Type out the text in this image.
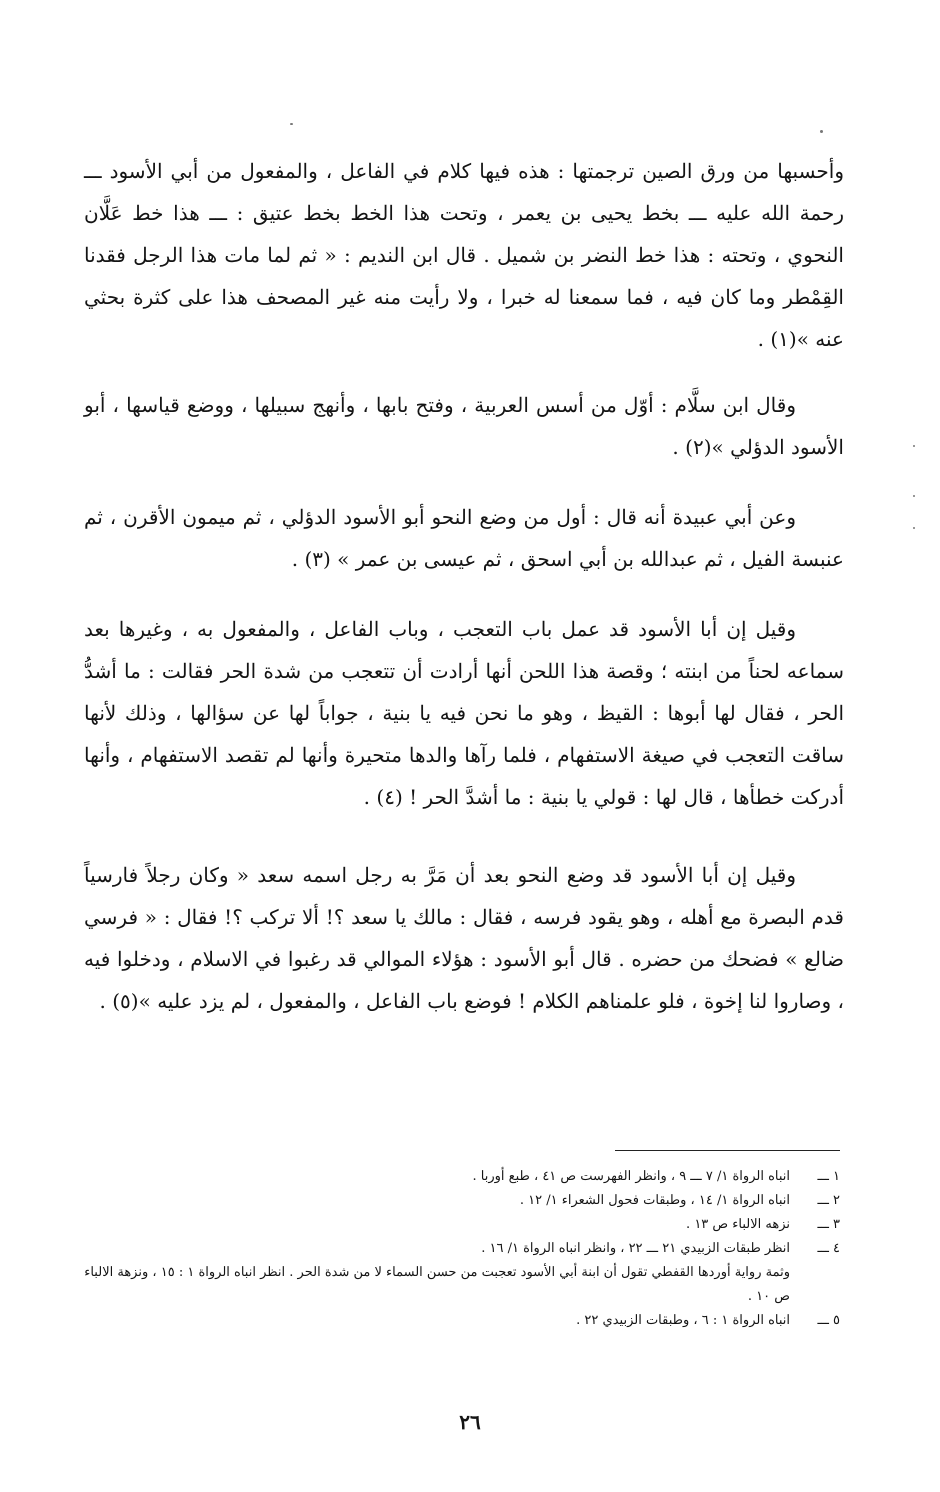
وأحسبها من ورق الصين ترجمتها : هذه فيها كلام في الفاعل ، والمفعول من أبي الأسود ـــ رحمة الله عليه ـــ بخط يحيى بن يعمر ، وتحت هذا الخط بخط عتيق : ـــ هذا خط عَلَّان النحوي ، وتحته : هذا خط النضر بن شميل . قال ابن النديم : « ثم لما مات هذا الرجل فقدنا القِمْطر وما كان فيه ، فما سمعنا له خبرا ، ولا رأيت منه غير المصحف هذا على كثرة بحثي عنه »(١) .

وقال ابن سلَّام : أوّل من أسس العربية ، وفتح بابها ، وأنهج سبيلها ، ووضع قياسها ، أبو الأسود الدؤلي »(٢) .

وعن أبي عبيدة أنه قال : أول من وضع النحو أبو الأسود الدؤلي ، ثم ميمون الأقرن ، ثم عنبسة الفيل ، ثم عبدالله بن أبي اسحق ، ثم عيسى بن عمر » (٣) .

وقيل إن أبا الأسود قد عمل باب التعجب ، وباب الفاعل ، والمفعول به ، وغيرها بعد سماعه لحناً من ابنته ؛ وقصة هذا اللحن أنها أرادت أن تتعجب من شدة الحر فقالت : ما أشدُّ الحر ، فقال لها أبوها : القيظ ، وهو ما نحن فيه يا بنية ، جواباً لها عن سؤالها ، وذلك لأنها ساقت التعجب في صيغة الاستفهام ، فلما رآها والدها متحيرة وأنها لم تقصد الاستفهام ، وأنها أدركت خطأها ، قال لها : قولي يا بنية : ما أشدَّ الحر ! (٤) .

وقيل إن أبا الأسود قد وضع النحو بعد أن مَرَّ به رجل اسمه سعد « وكان رجلاً فارسياً قدم البصرة مع أهله ، وهو يقود فرسه ، فقال : مالك يا سعد ؟! ألا تركب ؟! فقال : « فرسي ضالع » فضحك من حضره . قال أبو الأسود : هؤلاء الموالي قد رغبوا في الاسلام ، ودخلوا فيه ، وصاروا لنا إخوة ، فلو علمناهم الكلام ! فوضع باب الفاعل ، والمفعول ، لم يزد عليه »(٥) .

١ ـــ
انباه الرواة ١/ ٧ ـــ ٩ ، وانظر الفهرست ص ٤١ ، طبع أوربا .
٢ ـــ
انباه الرواة ١/ ١٤ ، وطبقات فحول الشعراء ١/ ١٢ .
٣ ـــ
نزهه الالباء ص ١٣ .
٤ ـــ
انظر طبقات الزبيدي ٢١ ـــ ٢٢ ، وانظر انباه الرواة ١/ ١٦ .
وثمة رواية أوردها القفطي تقول أن ابنة أبي الأسود تعجبت من حسن السماء لا من شدة الحر . انظر انباه الرواة ١ : ١٥ ، ونزهة الالباء ص ١٠ .
٥ ـــ
انباه الرواة ١ : ٦ ، وطبقات الزبيدي ٢٢ .
٢٦
